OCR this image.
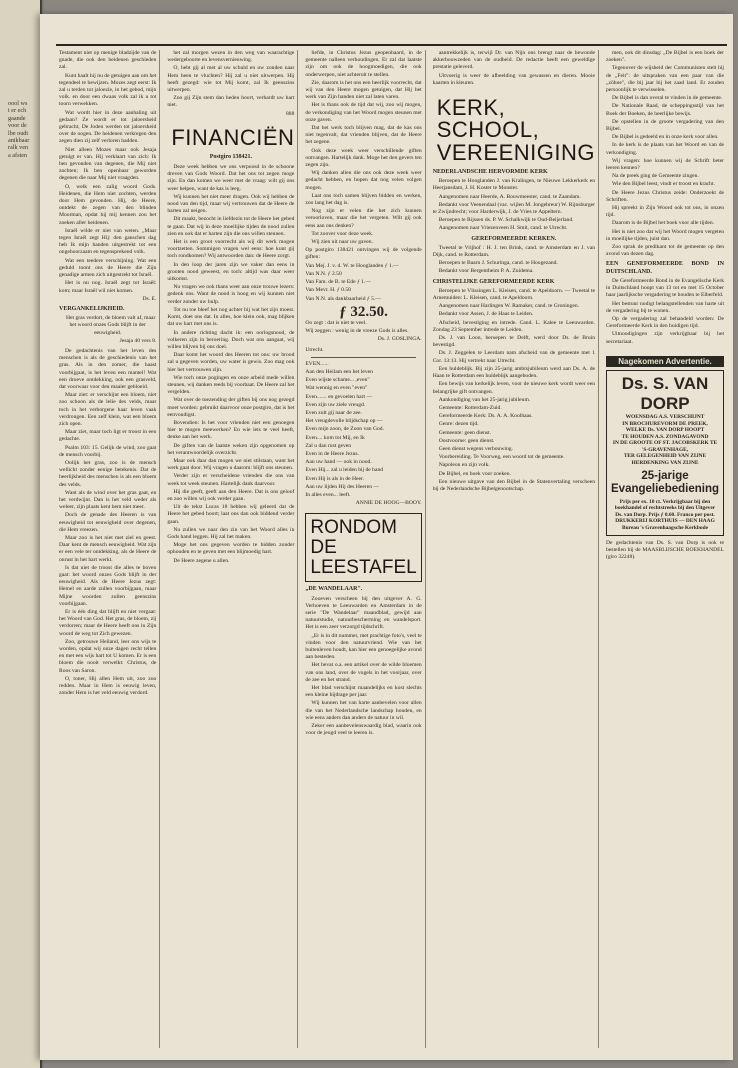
oool ws

t er ech

gaande

voor de

lbe oudt

anikbaar

ralk ven

a afsten

Testament niet op menige bladzijde van de gnade, die ook den heidenen geschieden zal.

Kunt haalt hij nu de getuigen aan om het tegendeel te bewijzen. Mozes zegt eerst: Ik zal u terden tot jaloezie, in het gebod, mijn volk. en door een dwaas volk zal ik u tot toorn verwekken.

Wat wordt hier in deze aanhaling uit gedaan? Ze wordt er tot jaloersheid gebracht, De Joden werden tot jaloersheid over de oogen. De heidenen verkregen den zegen dien zij zelf verloren hadden.

Niet alleen Mozes maar ook Jesaja getuigt er van. Hij verklaart van zich: Ik ben gevonden van degenen, die Mij niet zochten; Ik ben openbaar geworden degenen die naar Mij niet vraagden.

O, welk een zalig woord Gods. Heidenen, die Hem niet zochten, werden door Hem gevonden. Hij, de Heere, ontdekt de zegen van den blinden Moorman, opdat hij mij kennen zou het zoeken aller heidenen.

Israël wilde er niet van weten. „Maar tegen Israël zegt Hij: den ganschen dag heb Ik mijn handen uitgestrekt tot een ongehoorzaam en tegensprekend volk.

Wat een teedere verschijning. Wat een geduld toont ons de Heere die Zijn genadige armen zich uitgestrekt tot Israël.

Het is nu nog. Israël zegt tot Israël: kom; maar Israël wil niet komen.

Ds. E.
VERGANKELIJKHEID.

Het gras verdort, de bloem valt af, maar het woord onzes Gods blijft in der eeuwigheid.

Jesaja 40 vers 8.

De gedachtenis van het leven des menschen is als de geschiedenis van het gras. Als in den zomer, die haast voorbijgaat, is het leven een mantel! Wat een droeve ontdekking, ook een grasveld, dat voorwaar voor den maaier gebloeid.

Maar ziet: er verschijnt een bloem, niet zoo schoon als de lelie des velds, maar toch in het verborgene haar leven vaak verdrongen. Een zelf klein, wat een bloem zich open.

Maar ziet, maar toch ligt er troost in een gedachte.

Psalm 103: 15. Gelijk de wind, zoo gaat de mensch voorbij.

Oolijk het gras, zoo is de mensch wellicht zonder eenige betekenis. Dat de heerlijkheid des menschen is als een bloem des velds.

Want als de wind over het gras gaat, en het verdwijnt. Dan is het veld weder als weleer, zijn plaats kent hem niet meer.

Doch de genade des Heeren is van eeuwigheid tot eeuwigheid over degenen, die Hem vreezen.

Maar zoo is het niet met ziel en geest. Daar kent de mensch eeuwigheid. Wat zijn er een vele ter ontdekking, als de Heere de onrust in het hart werkt.

Is dat niet de troost die alles te boven gaat: het woord onzes Gods blijft in der eeuwigheid. Als de Heere Jezus zegt: Hemel en aarde zullen voorbijgaan, maar Mijne woorden zullen geenszins voorbijgaan.

Er is één ding dat blijft en niet vergaat: het Woord van God. Het gras, de bloem, zij verdorren; maar de Heere heeft ons in Zijn woord de weg tot Zich gewezen.

Zoo, getrouwe Heiland, leer ons wijs te worden, opdat wij onze dagen recht tellen en met een wijs hart tot U komen. Er is een bloem die nooit verwelkt: Christus, de Roos van Saron.

O, toner, Hij allen Hem uit, zoo zoo redden. Maar in Hem is eeuwig leven, zonder Hem is het veld eeuwig verdord.

het zal morgen wezen in den weg van waarachtige wedergeboorte en levensvernieuwing.

O, hebt gij al met al uw schuld en uw zonden naar Hem heen te vluchten? Hij zal u niet uitwerpen. Hij heeft gezegd: wie tot Mij komt, zal Ik geenszins uitwerpen.

Zoo gij Zijn stem dan heden hoort, verhardt uw hart niet.

888
FINANCIËN
Postgiro 138421.

Deze week hebben we ons verpoosd in de schoone dreven van Gods Woord. Dat het ons tot zegen moge zijn. En dan komen we weer met de vraag: wilt gij ons weer helpen, want de kas is leeg.

Wij kunnen het niet meer dragen. Ook wij hebben de nood van den tijd, maar wij vertrouwen dat de Heere de harten zal neigen.

Dit maakt, bezocht in liefdezin tot de Heere het gebed te gaan. Dat wij in deze moeilijke tijden de nood zullen zien en ook dat er harten zijn die ons willen steunen.

Het is een groot voorrecht als wij dit werk mogen voortzetten. Sommigen vragen wel eens: hoe kunt gij toch rondkomen? Wij antwoorden dan: de Heere zorgt.

In den loop der jaren zijn we vaker dan eens in grooten nood geweest, en toch: altijd was daar weer uitkomst.

Nu vragen we ook thans weer aan onze trouwe lezers: gedenk ons. Want de nood is hoog en wij kunnen niet verder zonder uw hulp.

Tot nu toe bleef het nog achter bij wat het zijn moest. Komt, doet ons dat. In alles, hoe klein ook, mag blijken dat uw hart met ons is.

In andere richting dacht ik: een oorlogsnood, de volkeren zijn in beroering. Doch wat ons aangaat, wij willen blijven bij ons doel.

Daar komt het woord des Heeren tot ons: uw brood zal u gegeven worden, uw water is gewis. Zoo mag ook hier het vertrouwen zijn.

Wie toch onze pogingen en onze arbeid mede willen steunen, wij danken reeds bij voorbaat. De Heere zal het vergelden.

Wat over de toezending der giften bij ons nog gezegd moet worden: gebruikt daarvoor onze postgiro, dat is het eenvoudigst.

Bovendien: Is het voor vrienden niet een genoegen hier te mogen meewerken? En wie iets te veel heeft, denke aan het werk.

De giften van de laatste weken zijn opgenomen op het verantwoordelijk overzicht.

Maar ook daar dan mogen we niet stilstaan, want het werk gaat door. Wij vragen u daarom: blijft ons steunen.

Verder zijn er verscheidene vrienden die ons van week tot week steunen. Hartelijk dank daarvoor.

Hij die geeft, geeft aan den Heere. Dat is ons geloof en zoo willen wij ook verder gaan.

Uit de tekst Lucas 18 hebben wij geleerd dat de Heere het gebed hoort; laat ons dan ook biddend verder gaan.

Nu zullen we naar den zin van het Woord alles in Gods hand leggen. Hij zal het maken.

Moge het ons gegeven worden te bidden zonder ophouden en te geven met een blijmoedig hart.

De Heere zegene u allen.

liefde, in Christus Jezus geopenbaard, in de gemeente nalleen verhoudingen. Er zal dat laatste zijn om ook de hoogmoedigen, die ook onderwerpen, niet achteruit te stellen.

Zie, daarom is het ons een heerlijk voorrecht, dat wij van den Heere mogen getuigen, dat Hij het werk van Zijn handen niet zal laten varen.

Het is thans ook de tijd dat wij, zoo wij mogen, de verkondiging van het Woord mogen steunen met onze gaven.

Dat het werk toch blijven mag, dat de kas ons niet tegenvalt, dat vrienden blijven, dat de Heere het zegene.

Ook deze week weer verschillende giften ontvangen. Hartelijk dank. Moge het den gevers ten zegen zijn.

Wij danken allen die ons ook deze week weer gedacht hebben, en hopen dat nog velen volgen mogen.

Laat ons toch samen blijven bidden en werken, zoo lang het dag is.

Nog zijn er velen die het zich kunnen veroorloven, maar die het vergeten. Wilt gij ook eens aan ons denken?

Tot zoover voor deze week.

Wij zien uit naar uw gaven.

Op postgiro 138421 ontvingen wij de volgende giften:

Van Mej. J. v. d. W. te Hooglanden ƒ 1.—

Van N.N. ƒ 2.50

Van Fam. de B. te Ede ƒ 1.—

Van Mevr. H. ƒ 0.50

Van N.N. als dankbaarheid ƒ 5.—

ƒ 32.50.

Oo zegt : dat is niet te veel.

Wij zeggen : wenig in de vreeze Gods is alles.

Ds. J. GOSLINGA.

Utrecht.

EVEN......

Aan den Heilam een het leven

Even wijste schame... ,even"

Wat wennig en even "even"

Even....... en gevoelen hart —

Even zijn uw ziele vreugd.

Even zult gij naar de zee.

Het vreugdevolle blijdschap op —

Even mijn zoon, de Zoon van God.

Even.... kom tot Mij, en Ik

Zal u dan rust geven

Even in de Heere Jezus.

Aan uw hand — ook in nood.

Even Hij... zal u leiden bij de hand

Even Hij is als in de Heer.

Aan uw lijden Hij des Heeren —

In alles even... leeft.

ANNIE DE HOOG—BOOY.
RONDOM
DE LEESTAFEL
„DE WANDELAAR".

Zooeven verscheen bij den uitgever A. G. Verhoeven te Leeuwarden en Amsterdam in de serie "De Wandelaar" maandblad, gewijd aan natuurstudie, natuurbescherming en wandelsport. Het is een zeer verzorgd tijdschrift.

„Er is in dit nummer, met prachtige foto's, veel te vinden voor den natuurvriend. Wie van het buitenleven houdt, kan hier een genoegelijke avond aan besteden.

Het bevat o.a. een artikel over de wilde bloemen van ons land, over de vogels in het voorjaar, over de zee en het strand.

Het blad verschijnt maandelijks en kost slechts een kleine bijdrage per jaar.

Wij kunnen het van harte aanbevelen voor allen die van het Nederlandsche landschap houden, en wie eens anders dan anders de natuur in wil.

Zeker een aanbevelenswaardig blad, waarin ook voor de jeugd veel te leeren is.

aantrekkelijk is, terwijl Dr. van Nijn ons brengt naar de bewonde akkerbouwzeden van de oudheid. De redactie heeft een geweldige prestatie geleverd.

Uitvoerig is weer de afbeelding van gewassen en dieren. Mooie kaarten in kleuren.

KERK, SCHOOL,
VEREENIGING
NEDERLANDSCHE HERVORMDE KERK

Beroepen te Hooglanden J. van Kralingen, te Nieuwe Lekkerkerk en Heerjansdam, J. H. Koster te Monster.

Aangenomen naar Heerde, A. Bouwmeester, cand. te Zaandam.

Bedankt voor Veenendaal (vac. wijlen M. Jongebreur) W. Rijnsburger te Zwijndrecht; voor Harderwijk, J. de Vries te Appeltern.

Beroepen te Rijssen ds. P. W. Schalkwijk te Oud-Beijerland.

Aangenomen naar Vriezenveen H. Smit, cand. te Utrecht.

GEREFORMEERDE KERKEN.

Tweetal te Vrijhof : H. J. ten Brink, cand. te Amsterdam en J. van Dijk, cand. te Rotterdam.

Beroepen te Baarn J. Schuringa, cand. te Hoogezand.

Bedankt voor Bergentheim P. A. Zuidema.

CHRISTELIJKE GEREFORMEERDE KERK

Beroepen te Vlissingen L. Kleisen, cand. te Apeldoorn. — Tweetal te Arnemuiden: L. Kleisen, cand. te Apeldoorn.

Aangenomen naar Harlingen W. Ramaker, cand. te Groningen.

Bedankt voor Assen, J. de Haas te Leiden.

Afscheid, bevestiging en intrede. Cand. L. Kalee te Leeuwarden. Zondag 23 September intrede te Leiden.

Ds. J. van Loon, beroepen te Delft, werd door Ds. de Bruin bevestigd.

Ds. J. Zeggelen te Leerdam nam afscheid van de gemeente met 1 Cor. 13:13. Hij vertrekt naar Utrecht.

Een huldeblijk. Bij zijn 25-jarig ambtsjubileum werd aan Ds. A. de Haan te Rotterdam een huldeblijk aangeboden.

Een bewijs van kerkelijk leven, voor de nieuwe kerk wordt weer een belangrijke gift ontvangen.

Aankondiging van het 25-jarig jubileum.

Gemeente: Rotterdam-Zuid.

Gereformeerde Kerk: Ds. A. A. Koolhaas.

Genre: dezen tijd.

Gemeente: geen dienst.

Oostvoorne: geen dienst.

Geen dienst wegens verbouwing.

Voorbereiding. Te Voorweg, een woord tot de gemeente.

Napoleon en zijn volk.

De Bijbel, en boek voor zoeken.

Een nieuwe uitgave van den Bijbel in de Statenvertaling verscheen bij de Nederlandsche Bijbelgenootschap.

men, ook dit dinsdag: „De Bijbel is een boek der zoeken".

Tegenover de wijsheid der Communisten stelt hij de „Feit": de uitspraken van een paar van die „zöhne", die bij jaar bij het zaad land. Er zouden persoonlijk te verwisselen.

De Bijbel is dan overal te vinden in de gemeente.

De Nationale Raad, de scheppingsstijl van het Boek der Boeken, de heerlijke bewijs.

De opstellen in de groote vergadering van den Bijbel.

De Bijbel is gedeeld en in onze kerk voor allen.

In de kerk is de plaats van het Woord en van de verkondiging.

Wij vragen: hoe kunnen wij de Schrift beter leeren kennen?

Na de preek ging de Gemeente zingen.

Wie den Bijbel leest, vindt er troost en kracht.

De Heere Jezus Christus zeide: Onderzoekt de Schriften.

Hij spreekt in Zijn Woord ook tot ons, in onzen tijd.

Daarom is de Bijbel het boek voor alle tijden.

Het is niet zoo dat wij het Woord mogen vergeten in moeilijke tijden, juist dan.

Zoo sprak de predikant tot de gemeente op den avond van dezen dag.

EEN GENEFORMEERDE BOND IN DUITSCHLAND.

De Gereformeerde Bond in de Evangelische Kerk in Duitschland hoopt van 13 tot en met 15 October haar jaarlijksche vergadering te houden te Elberfeld.

Het bestuur nodigt belangstellenden van harte uit de vergadering bij te wonen.

Op de vergadering zal behandeld worden: De Gereformeerde Kerk in den huidigen tijd.

Uitnoodigingen zijn verkrijgbaar bij het secretariaat.

Nagekomen Advertentie.
Ds. S. VAN DORP

WOENSDAG A.S. VERSCHIJNT

IN BROCHUREVORM DE PREEK,

WELKE Ds. VAN DORP HOOPT

TE HOUDEN A.S. ZONDAGAVOND

IN DE GROOTE OF ST. JACOBSKERK TE 'S-GRAVENHAGE,

TER GELEGENHEID VAN ZIJNE

HERDENKING VAN ZIJNE

25-jarige Evangeliebediening

Prijs per ex. 10 ct. Verkrijgbaar bij den boekhandel of rechtstreeks bij den Uitgever Ds. van Dorp. Prijs ƒ 0.60. Franco per post.

DRUKKERIJ KORTHUIS — DEN HAAG

Bureau 's Gravenhaagsche Kerkbode

De gedachtenis van Ds. S. van Dorp is ook te bestellen bij de MAASBLIJSCHE BOEKHANDEL (giro 32248).
